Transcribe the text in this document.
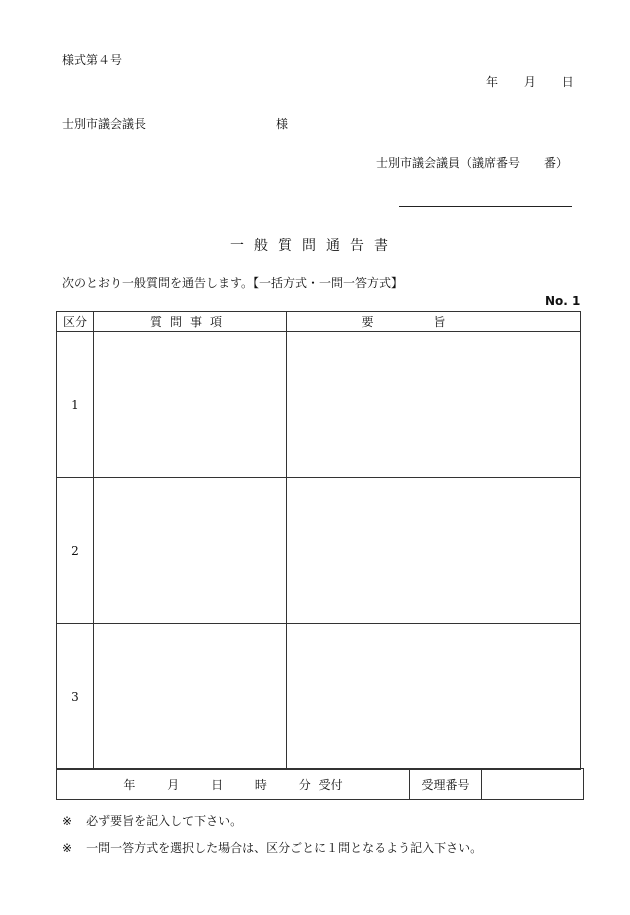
様式第４号
年 月 日
士別市議会議長	様
士別市議会議員（議席番号　　番）
一般質問通告書
次のとおり一般質問を通告します。【一括方式・一問一答方式】
No. 1
区分	質問事項	要旨
1		
2		
3		
年	月	日	時	分 受付	受理番号	
※ 必ず要旨を記入して下さい。
※ 一問一答方式を選択した場合は、区分ごとに１問となるよう記入下さい。
